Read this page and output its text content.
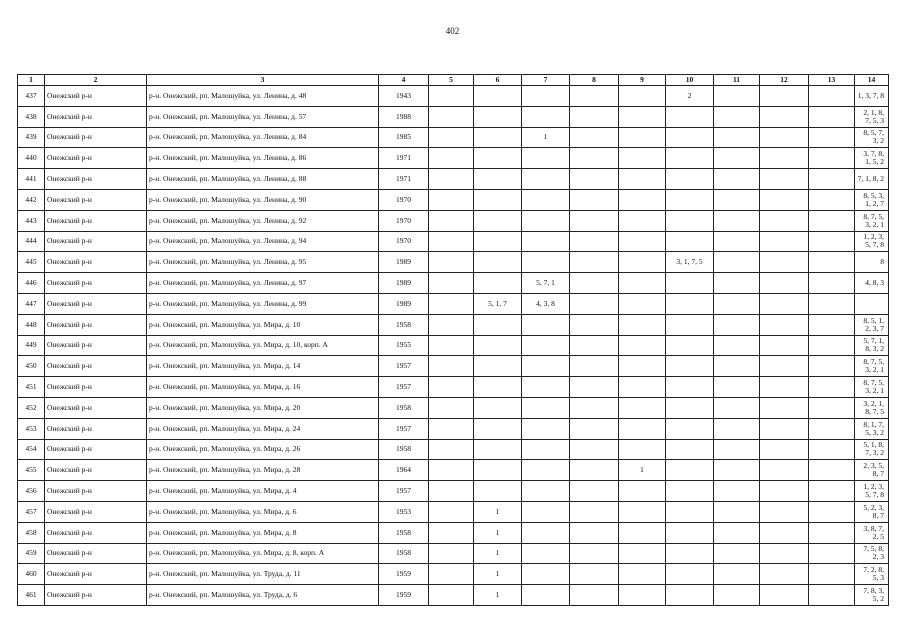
402
1	2	3	4	5	6	7	8	9	10	11	12	13	14
437	Онежский р-н	р-н. Онежский, рп. Малошуйка, ул. Ленина, д. 48	1943						2				1, 3, 7, 8
438	Онежский р-н	р-н. Онежский, рп. Малошуйка, ул. Ленина, д. 57	1988										2, 1, 8, 7, 5, 3
439	Онежский р-н	р-н. Онежский, рп. Малошуйка, ул. Ленина, д. 84	1985			1							8, 5, 7, 3, 2
440	Онежский р-н	р-н. Онежский, рп. Малошуйка, ул. Ленина, д. 86	1971										3, 7, 8, 1, 5, 2
441	Онежский р-н	р-н. Онежский, рп. Малошуйка, ул. Ленина, д. 88	1971										7, 1, 8, 2
442	Онежский р-н	р-н. Онежский, рп. Малошуйка, ул. Ленина, д. 90	1970										8, 5, 3, 1, 2, 7
443	Онежский р-н	р-н. Онежский, рп. Малошуйка, ул. Ленина, д. 92	1970										8, 7, 5, 3, 2, 1
444	Онежский р-н	р-н. Онежский, рп. Малошуйка, ул. Ленина, д. 94	1970										1, 2, 3, 5, 7, 8
445	Онежский р-н	р-н. Онежский, рп. Малошуйка, ул. Ленина, д. 95	1989						3, 1, 7, 5				8
446	Онежский р-н	р-н. Онежский, рп. Малошуйка, ул. Ленина, д. 97	1989			5, 7, 1							4, 8, 3
447	Онежский р-н	р-н. Онежский, рп. Малошуйка, ул. Ленина, д. 99	1989		5, 1, 7	4, 3, 8							
448	Онежский р-н	р-н. Онежский, рп. Малошуйка, ул. Мира, д. 10	1958										8, 5, 1, 2, 3, 7
449	Онежский р-н	р-н. Онежский, рп. Малошуйка, ул. Мира, д. 10, корп. А	1955										5, 7, 1, 8, 3, 2
450	Онежский р-н	р-н. Онежский, рп. Малошуйка, ул. Мира, д. 14	1957										8, 7, 5, 3, 2, 1
451	Онежский р-н	р-н. Онежский, рп. Малошуйка, ул. Мира, д. 16	1957										8, 7, 5, 3, 2, 1
452	Онежский р-н	р-н. Онежский, рп. Малошуйка, ул. Мира, д. 20	1958										3, 2, 1, 8, 7, 5
453	Онежский р-н	р-н. Онежский, рп. Малошуйка, ул. Мира, д. 24	1957										8, 1, 7, 5, 3, 2
454	Онежский р-н	р-н. Онежский, рп. Малошуйка, ул. Мира, д. 26	1958										5, 1, 8, 7, 3, 2
455	Онежский р-н	р-н. Онежский, рп. Малошуйка, ул. Мира, д. 28	1964					1					2, 3, 5, 8, 7
456	Онежский р-н	р-н. Онежский, рп. Малошуйка, ул. Мира, д. 4	1957										1, 2, 3, 5, 7, 8
457	Онежский р-н	р-н. Онежский, рп. Малошуйка, ул. Мира, д. 6	1953		1								5, 2, 3, 8, 7
458	Онежский р-н	р-н. Онежский, рп. Малошуйка, ул. Мира, д. 8	1958		1								3, 8, 7, 2, 5
459	Онежский р-н	р-н. Онежский, рп. Малошуйка, ул. Мира, д. 8, корп. А	1958		1								7, 5, 8, 2, 3
460	Онежский р-н	р-н. Онежский, рп. Малошуйка, ул. Труда, д. 11	1959		1								7, 2, 8, 5, 3
461	Онежский р-н	р-н. Онежский, рп. Малошуйка, ул. Труда, д. 6	1959		1								7, 8, 3, 5, 2
